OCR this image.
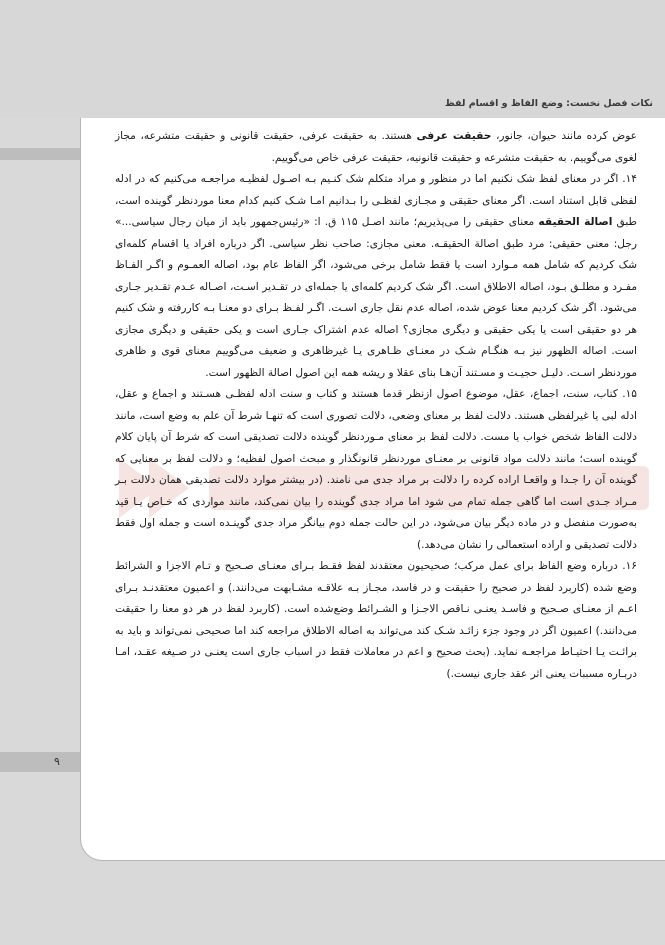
نکات فصل نخست: وضع الفاظ و اقسام لفظ
۹

عوض کرده مانند حیوان، جانور، حقیقت عرفی هستند. به حقیقت عرفی، حقیقت قانونی و حقیقت متشرعه، مجاز لغوی می‌گوییم. به حقیقت متشرعه و حقیقت قانونیه، حقیقت عرفی خاص می‌گوییم.

۱۴. اگر در معنای لفظ شک نکنیم اما در منظور و مراد متکلم شک کنـیم بـه اصـول لفظیـه مراجعـه می‌کنیم که در ادله لفظی قابل استناد است. اگر معنای حقیقی و مجـازی لفظـی را بـدانیم امـا شـک کنیم کدام معنا موردنظر گوینده است، طبق اصالة الحقیقه معنای حقیقی را می‌پذیریم؛ مانند اصـل ۱۱۵ ق. ا: «رئیس‌جمهور باید از میان رجال سیاسی...» رجل: معنی حقیقی: مرد طبق اصالة الحقیقـه. معنی مجازی: صاحب نظر سیاسی. اگر درباره افراد یا اقسام کلمه‌ای شک کردیم که شامل همه مـوارد است یا فقط شامل برخی می‌شود، اگر الفاظ عام بود، اصاله العمـوم و اگـر الفـاظ مفـرد و مطلـق بـود، اصاله الاطلاق است. اگر شک کردیم کلمه‌ای یا جمله‌ای در تقـدیر اسـت، اصـاله عـدم تقـدیر جـاری می‌شود. اگر شک کردیم معنا عوض شده، اصاله عدم نقل جاری اسـت. اگـر لفـظ بـرای دو معنـا بـه کاررفته و شک کنیم هر دو حقیقی است یا یکی حقیقی و دیگری مجازی؟ اصاله عدم اشتراک جـاری است و یکی حقیقی و دیگری مجازی است. اصاله الظهور نیز بـه هنگـام شـک در معنـای ظـاهری یـا غیرظاهری و ضعیف می‌گوییم معنای قوی و ظاهری موردنظر اسـت. دلیـل حجیـت و مسـتند آن‌هـا بنای عقلا و ریشه همه این اصول اصالة الظهور است.

۱۵. کتاب، سنت، اجماع، عقل، موضوع اصول ازنظر قدما هستند و کتاب و سنت ادله لفظـی هسـتند و اجماع و عقل، ادله لبی یا غیرلفظی هستند. دلالت لفظ بر معنای وضعی، دلالت تصوری است که تنهـا شرط آن علم به وضع است، مانند دلالت الفاظ شخص خواب یا مست. دلالت لفظ بر معنای مـوردنظر گوینده دلالت تصدیقی است که شرط آن پایان کلام گوینده است؛ مانند دلالت مواد قانونی بر معنـای موردنظر قانونگذار و مبحث اصول لفظیه؛ و دلالت لفظ بر معنایی که گوینده آن را جـدا و واقعـا اراده کرده را دلالت بر مراد جدی می نامند. (در بیشتر موارد دلالت تصدیقی همان دلالت بـر مـراد جـدی است اما گاهی جمله تمام می شود اما مراد جدی گوینده را بیان نمی‌کند، مانند مواردی که خـاص یـا قید به‌صورت منفصل و در ماده دیگر بیان می‌شود، در این حالت جمله دوم بیانگر مراد جدی گوینـده است و جمله اول فقط دلالت تصدیقی و اراده استعمالی را نشان می‌دهد.)

۱۶. درباره وضع الفاظ برای عمل مرکب؛ صحیحیون معتقدند لفظ فقـط بـرای معنـای صـحیح و تـام الاجزا و الشرائط وضع شده (کاربرد لفظ در صحیح را حقیقت و در فاسد، مجـاز بـه علاقـه مشـابهت می‌دانند.) و اعمیون معتقدنـد بـرای اعـم از معنـای صـحیح و فاسـد یعنـی نـاقص الاجـزا و الشـرائط وضع‌شده است. (کاربرد لفظ در هر دو معنا را حقیقت می‌دانند.) اعمیون اگر در وجود جزء زائـد شـک کند می‌تواند به اصاله الاطلاق مراجعه کند اما صحیحی نمی‌تواند و باید به برائـت یـا احتیـاط مراجعـه نماید. (بحث صحیح و اعم در معاملات فقط در اسباب جاری است یعنـی در صـیغه عقـد، امـا دربـاره مسببات یعنی اثر عقد جاری نیست.)
